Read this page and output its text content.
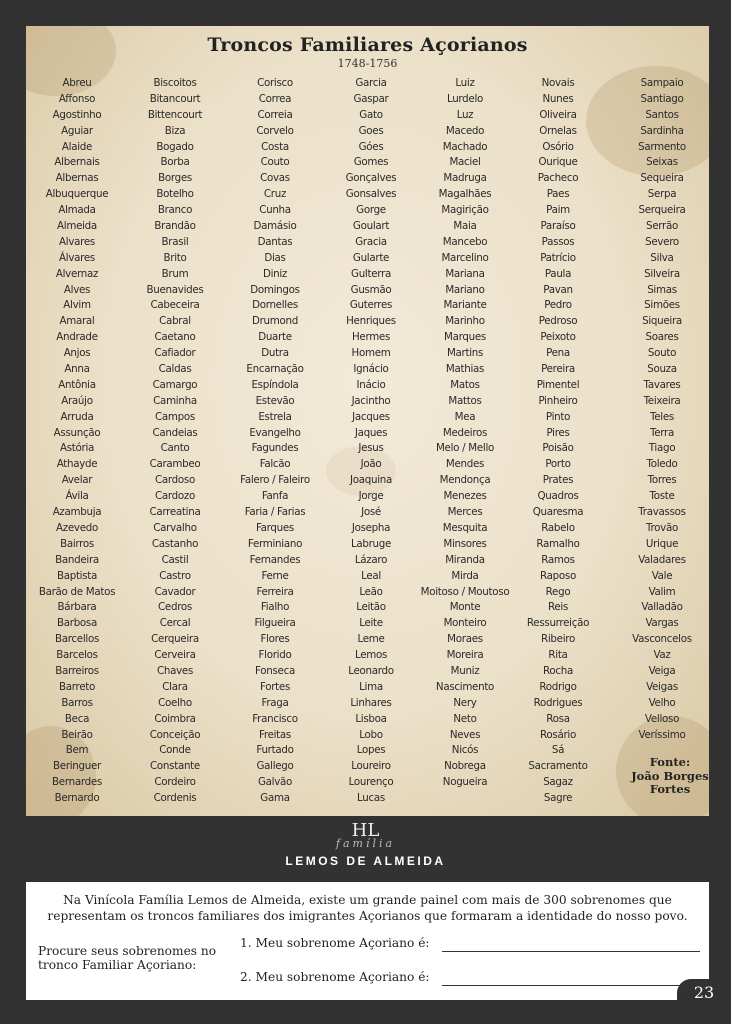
Troncos Familiares Açorianos
1748-1756
Abreu
Affonso
Agostinho
Aguiar
Alaide
Albernais
Albernas
Albuquerque
Almada
Almeida
Alvares
Álvares
Alvernaz
Alves
Alvim
Amaral
Andrade
Anjos
Anna
Antônia
Araújo
Arruda
Assunção
Astória
Athayde
Avelar
Ávila
Azambuja
Azevedo
Bairros
Bandeira
Baptista
Barão de Matos
Bárbara
Barbosa
Barcellos
Barcelos
Barreiros
Barreto
Barros
Beca
Beirão
Bem
Beringuer
Bernardes
Bernardo
Biscoitos
Bitancourt
Bittencourt
Biza
Bogado
Borba
Borges
Botelho
Branco
Brandão
Brasil
Brito
Brum
Buenavides
Cabeceira
Cabral
Caetano
Cafiador
Caldas
Camargo
Caminha
Campos
Candeias
Canto
Carambeo
Cardoso
Cardozo
Carreatina
Carvalho
Castanho
Castil
Castro
Cavador
Cedros
Cercal
Cerqueira
Cerveira
Chaves
Clara
Coelho
Coimbra
Conceição
Conde
Constante
Cordeiro
Cordenis
Corisco
Correa
Correia
Corvelo
Costa
Couto
Covas
Cruz
Cunha
Damásio
Dantas
Dias
Diniz
Domingos
Dornelles
Drumond
Duarte
Dutra
Encarnação
Espíndola
Estevão
Estrela
Evangelho
Fagundes
Falcão
Falero / Faleiro
Fanfa
Faria / Farias
Farques
Ferminiano
Fernandes
Ferne
Ferreira
Fialho
Filgueira
Flores
Florido
Fonseca
Fortes
Fraga
Francisco
Freitas
Furtado
Gallego
Galvão
Gama
Garcia
Gaspar
Gato
Goes
Góes
Gomes
Gonçalves
Gonsalves
Gorge
Goulart
Gracia
Gularte
Gulterra
Gusmão
Guterres
Henriques
Hermes
Homem
Ignácio
Inácio
Jacintho
Jacques
Jaques
Jesus
João
Joaquina
Jorge
José
Josepha
Labruge
Lázaro
Leal
Leão
Leitão
Leite
Leme
Lemos
Leonardo
Lima
Linhares
Lisboa
Lobo
Lopes
Loureiro
Lourenço
Lucas
Luiz
Lurdelo
Luz
Macedo
Machado
Maciel
Madruga
Magalhães
Magirição
Maia
Mancebo
Marcelino
Mariana
Mariano
Mariante
Marinho
Marques
Martins
Mathias
Matos
Mattos
Mea
Medeiros
Melo / Mello
Mendes
Mendonça
Menezes
Merces
Mesquita
Minsores
Miranda
Mirda
Moitoso / Moutoso
Monte
Monteiro
Moraes
Moreira
Muniz
Nascimento
Nery
Neto
Neves
Nicós
Nobrega
Nogueira
Novais
Nunes
Oliveira
Ornelas
Osório
Ourique
Pacheco
Paes
Paim
Paraíso
Passos
Patrício
Paula
Pavan
Pedro
Pedroso
Peixoto
Pena
Pereira
Pimentel
Pinheiro
Pinto
Pires
Poisão
Porto
Prates
Quadros
Quaresma
Rabelo
Ramalho
Ramos
Raposo
Rego
Reis
Ressurreição
Ribeiro
Rita
Rocha
Rodrigo
Rodrigues
Rosa
Rosário
Sá
Sacramento
Sagaz
Sagre
Sampaio
Santiago
Santos
Sardinha
Sarmento
Seixas
Sequeira
Serpa
Serqueira
Serrão
Severo
Silva
Silveira
Simas
Simões
Siqueira
Soares
Souto
Souza
Tavares
Teixeira
Teles
Terra
Tiago
Toledo
Torres
Toste
Travassos
Trovão
Urique
Valadares
Vale
Valim
Valladão
Vargas
Vasconcelos
Vaz
Veiga
Veigas
Velho
Velloso
Veríssimo
Fonte:
João Borges
Fortes
HL
família
LEMOS DE ALMEIDA
Na Vinícola Família Lemos de Almeida, existe um grande painel com mais de 300 sobrenomes que representam os troncos familiares dos imigrantes Açorianos que formaram a identidade do nosso povo.
Procure seus sobrenomes no tronco Familiar Açoriano:
1. Meu sobrenome Açoriano é:
2. Meu sobrenome Açoriano é:
23
